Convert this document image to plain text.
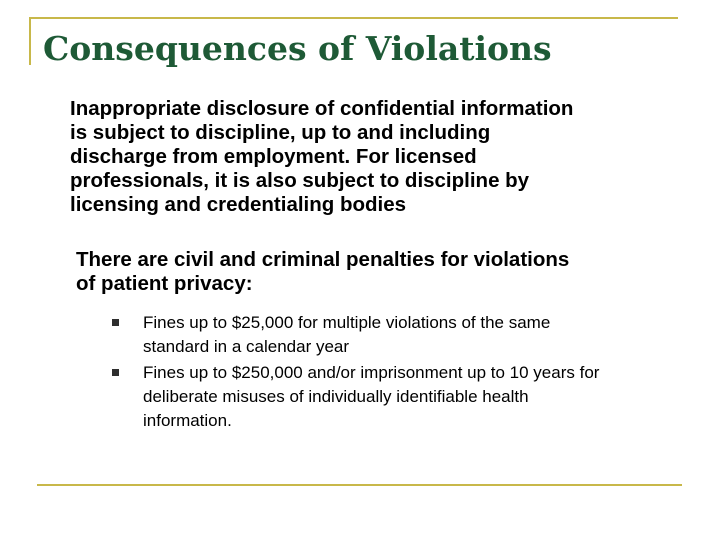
Consequences of Violations
Inappropriate disclosure of confidential information
is subject to discipline, up to and including
discharge from employment. For licensed
professionals, it is also subject to discipline by
licensing and credentialing bodies
There are civil and criminal penalties for violations
of patient privacy:
Fines up to $25,000 for multiple violations of the same
standard in a calendar year
Fines up to $250,000 and/or imprisonment up to 10 years for
deliberate misuses of individually identifiable health
information.
